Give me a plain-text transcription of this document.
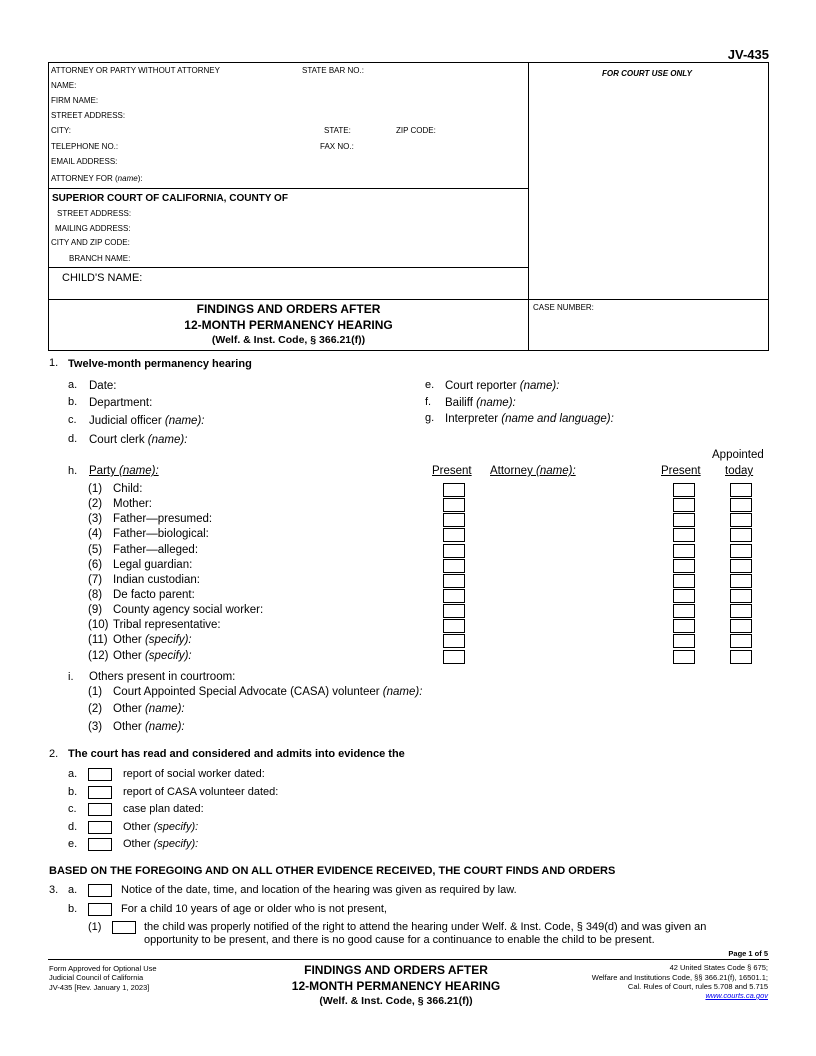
JV-435
ATTORNEY OR PARTY WITHOUT ATTORNEY	STATE BAR NO.:
NAME:
FIRM NAME:
STREET ADDRESS:
CITY:	STATE:	ZIP CODE:
TELEPHONE NO.:	FAX NO.:
EMAIL ADDRESS:
ATTORNEY FOR (name):
FOR COURT USE ONLY
SUPERIOR COURT OF CALIFORNIA, COUNTY OF
STREET ADDRESS:
MAILING ADDRESS:
CITY AND ZIP CODE:
BRANCH NAME:
CHILD'S NAME:
FINDINGS AND ORDERS AFTER
12-MONTH PERMANENCY HEARING
(Welf. & Inst. Code, § 366.21(f))
CASE NUMBER:
1. Twelve-month permanency hearing
a. Date:
b. Department:
c. Judicial officer (name):
d. Court clerk (name):
e. Court reporter (name):
f. Bailiff (name):
g. Interpreter (name and language):
Appointed
h. Party (name):	Present Attorney (name):	Present today
(1) Child:
(2) Mother:
(3) Father—presumed:
(4) Father—biological:
(5) Father—alleged:
(6) Legal guardian:
(7) Indian custodian:
(8) De facto parent:
(9) County agency social worker:
(10) Tribal representative:
(11) Other (specify):
(12) Other (specify):
i. Others present in courtroom:
(1) Court Appointed Special Advocate (CASA) volunteer (name):
(2) Other (name):
(3) Other (name):
2. The court has read and considered and admits into evidence the
a.	report of social worker dated:
b.	report of CASA volunteer dated:
c.	case plan dated:
d.	Other (specify):
e.	Other (specify):
BASED ON THE FOREGOING AND ON ALL OTHER EVIDENCE RECEIVED, THE COURT FINDS AND ORDERS
3. a.	Notice of the date, time, and location of the hearing was given as required by law.
b.	For a child 10 years of age or older who is not present,
(1)	the child was properly notified of the right to attend the hearing under Welf. & Inst. Code, § 349(d) and was given an
opportunity to be present, and there is no good cause for a continuance to enable the child to be present.
Page 1 of 5
Form Approved for Optional Use
Judicial Council of California
JV-435 [Rev. January 1, 2023]
FINDINGS AND ORDERS AFTER
12-MONTH PERMANENCY HEARING
(Welf. & Inst. Code, § 366.21(f))
42 United States Code § 675;
Welfare and Institutions Code, §§ 366.21(f), 16501.1;
Cal. Rules of Court, rules 5.708 and 5.715
www.courts.ca.gov
